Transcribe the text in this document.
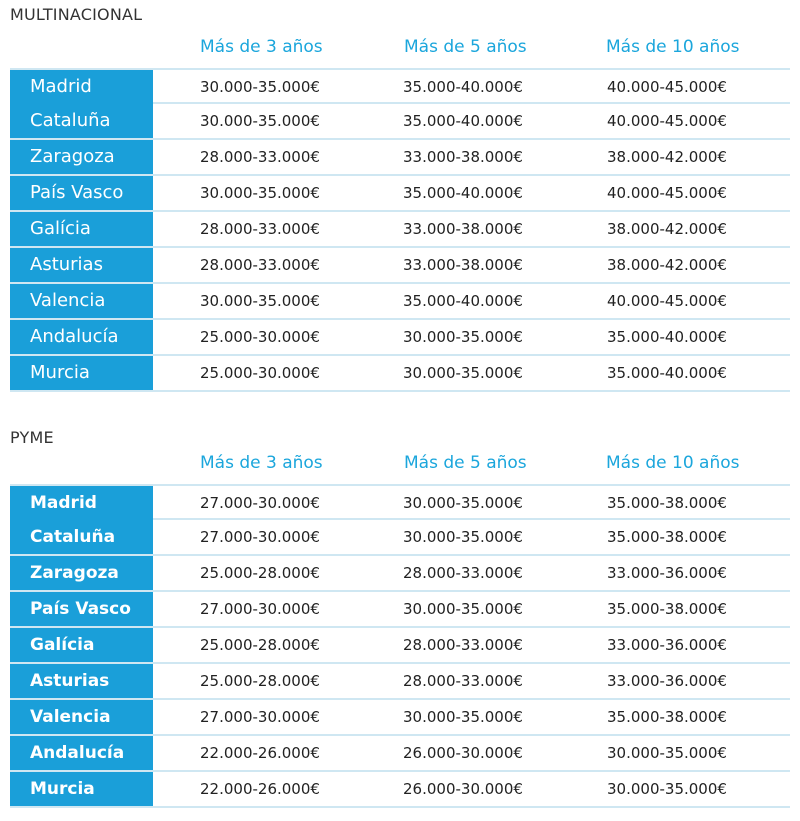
MULTINACIONAL
Más de 3 años	Más de 5 años	Más de 10 años
Madrid	30.000-35.000€	35.000-40.000€	40.000-45.000€
Cataluña	30.000-35.000€	35.000-40.000€	40.000-45.000€
Zaragoza	28.000-33.000€	33.000-38.000€	38.000-42.000€
País Vasco	30.000-35.000€	35.000-40.000€	40.000-45.000€
Galícia	28.000-33.000€	33.000-38.000€	38.000-42.000€
Asturias	28.000-33.000€	33.000-38.000€	38.000-42.000€
Valencia	30.000-35.000€	35.000-40.000€	40.000-45.000€
Andalucía	25.000-30.000€	30.000-35.000€	35.000-40.000€
Murcia	25.000-30.000€	30.000-35.000€	35.000-40.000€
PYME
Más de 3 años	Más de 5 años	Más de 10 años
Madrid	27.000-30.000€	30.000-35.000€	35.000-38.000€
Cataluña	27.000-30.000€	30.000-35.000€	35.000-38.000€
Zaragoza	25.000-28.000€	28.000-33.000€	33.000-36.000€
País Vasco	27.000-30.000€	30.000-35.000€	35.000-38.000€
Galícia	25.000-28.000€	28.000-33.000€	33.000-36.000€
Asturias	25.000-28.000€	28.000-33.000€	33.000-36.000€
Valencia	27.000-30.000€	30.000-35.000€	35.000-38.000€
Andalucía	22.000-26.000€	26.000-30.000€	30.000-35.000€
Murcia	22.000-26.000€	26.000-30.000€	30.000-35.000€
